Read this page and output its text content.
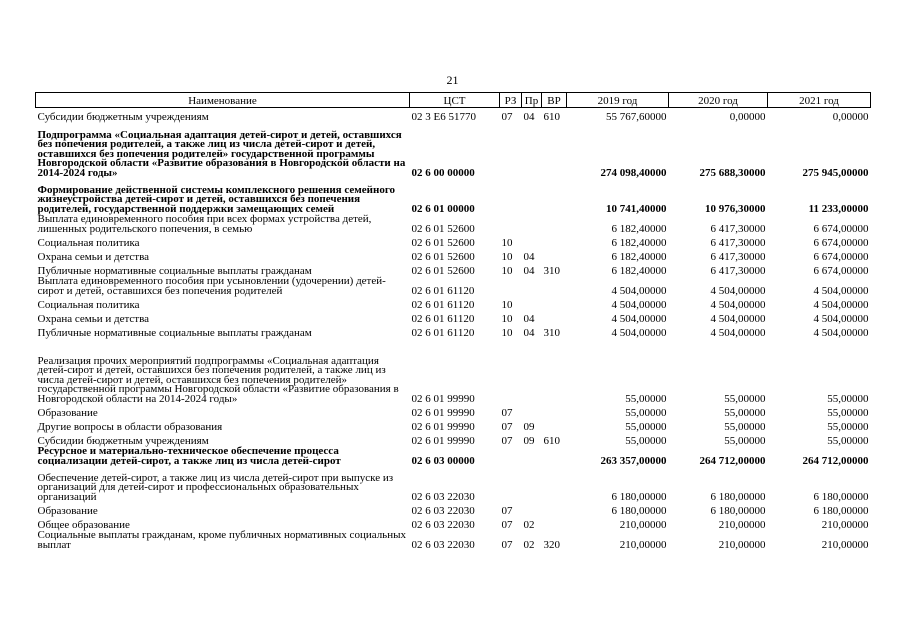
21
Наименование	ЦСТ	РЗ	Пр	ВР	2019 год	2020 год	2021 год
Субсидии бюджетным учреждениям	02 3 E6 51770	07	04	610	55 767,60000	0,00000	0,00000
Подпрограмма «Социальная адаптация детей-сирот и детей, оставшихся без попечения родителей, а также лиц из числа детей-сирот и детей, оставшихся без попечения родителей» государственной программы Новгородской области «Развитие образования в Новгородской области на 2014-2024 годы»	02 6 00 00000				274 098,40000	275 688,30000	275 945,00000
Формирование действенной системы комплексного решения семейного жизнеустройства детей-сирот и детей, оставшихся без попечения родителей, государственной поддержки замещающих семей	02 6 01 00000				10 741,40000	10 976,30000	11 233,00000
Выплата единовременного пособия при всех формах устройства детей, лишенных родительского попечения, в семью	02 6 01 52600				6 182,40000	6 417,30000	6 674,00000
Социальная политика	02 6 01 52600	10			6 182,40000	6 417,30000	6 674,00000
Охрана семьи и детства	02 6 01 52600	10	04		6 182,40000	6 417,30000	6 674,00000
Публичные нормативные социальные выплаты гражданам	02 6 01 52600	10	04	310	6 182,40000	6 417,30000	6 674,00000
Выплата единовременного пособия при усыновлении (удочерении) детей-сирот и детей, оставшихся без попечения родителей	02 6 01 61120				4 504,00000	4 504,00000	4 504,00000
Социальная политика	02 6 01 61120	10			4 504,00000	4 504,00000	4 504,00000
Охрана семьи и детства	02 6 01 61120	10	04		4 504,00000	4 504,00000	4 504,00000
Публичные нормативные социальные выплаты гражданам	02 6 01 61120	10	04	310	4 504,00000	4 504,00000	4 504,00000
Реализация прочих мероприятий подпрограммы «Социальная адаптация детей-сирот и детей, оставшихся без попечения родителей, а также лиц из числа детей-сирот и детей, оставшихся без попечения родителей» государственной программы Новгородской области «Развитие образования в Новгородской области на 2014-2024 годы»	02 6 01 99990				55,00000	55,00000	55,00000
Образование	02 6 01 99990	07			55,00000	55,00000	55,00000
Другие вопросы в области образования	02 6 01 99990	07	09		55,00000	55,00000	55,00000
Субсидии бюджетным учреждениям	02 6 01 99990	07	09	610	55,00000	55,00000	55,00000
Ресурсное и материально-техническое обеспечение процесса социализации детей-сирот, а также лиц из числа детей-сирот	02 6 03 00000				263 357,00000	264 712,00000	264 712,00000
Обеспечение детей-сирот, а также лиц из числа детей-сирот при выпуске из организаций для детей-сирот и профессиональных образовательных организаций	02 6 03 22030				6 180,00000	6 180,00000	6 180,00000
Образование	02 6 03 22030	07			6 180,00000	6 180,00000	6 180,00000
Общее образование	02 6 03 22030	07	02		210,00000	210,00000	210,00000
Социальные выплаты гражданам, кроме публичных нормативных социальных выплат	02 6 03 22030	07	02	320	210,00000	210,00000	210,00000
